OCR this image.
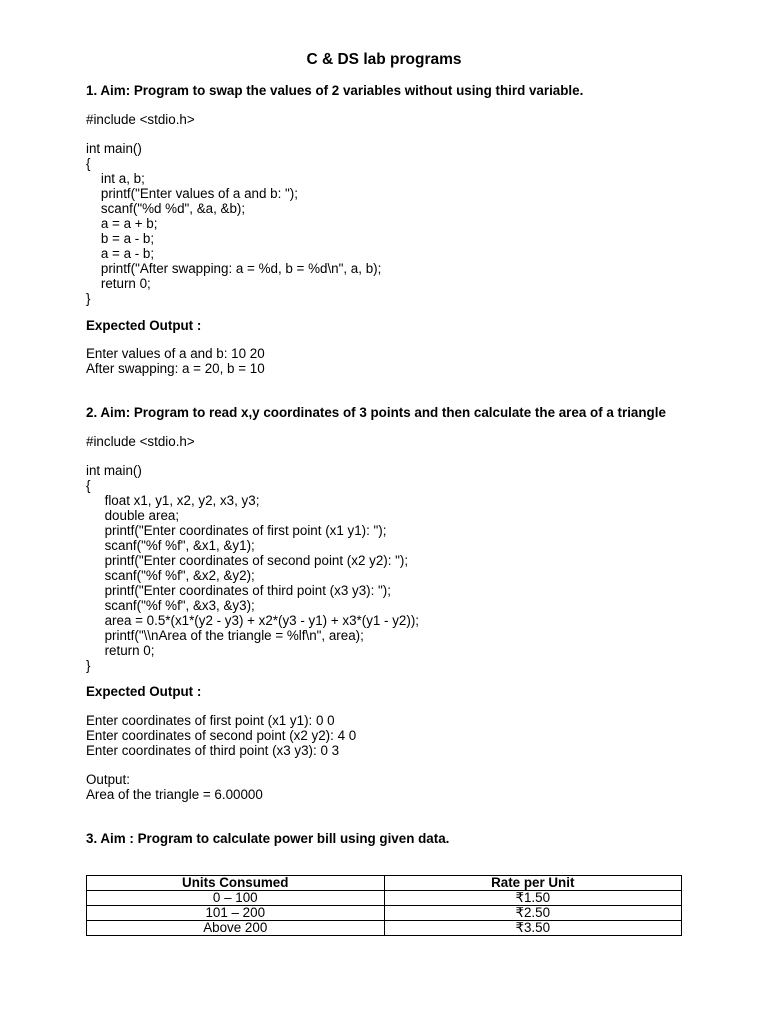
C & DS lab programs
1. Aim: Program to swap the values of 2 variables without using third variable.
#include <stdio.h>
int main()
{
int a, b;
printf("Enter values of a and b: ");
scanf("%d %d", &a, &b);
a = a + b;
b = a - b;
a = a - b;
printf("After swapping: a = %d, b = %d\n", a, b);
return 0;
}
Expected Output :
Enter values of a and b: 10 20
After swapping: a = 20, b = 10
2. Aim: Program to read x,y coordinates of 3 points and then calculate the area of a triangle
#include <stdio.h>
int main()
{
float x1, y1, x2, y2, x3, y3;
double area;
printf("Enter coordinates of first point (x1 y1): ");
scanf("%f %f", &x1, &y1);
printf("Enter coordinates of second point (x2 y2): ");
scanf("%f %f", &x2, &y2);
printf("Enter coordinates of third point (x3 y3): ");
scanf("%f %f", &x3, &y3);
area = 0.5*(x1*(y2 - y3) + x2*(y3 - y1) + x3*(y1 - y2));
printf("\\nArea of the triangle = %lf\n", area);
return 0;
}
Expected Output :
Enter coordinates of first point (x1 y1): 0 0
Enter coordinates of second point (x2 y2): 4 0
Enter coordinates of third point (x3 y3): 0 3
Output:
Area of the triangle = 6.00000
3. Aim : Program to calculate power bill using given data.
Units Consumed	Rate per Unit
0 – 100	₹1.50
101 – 200	₹2.50
Above 200	₹3.50
